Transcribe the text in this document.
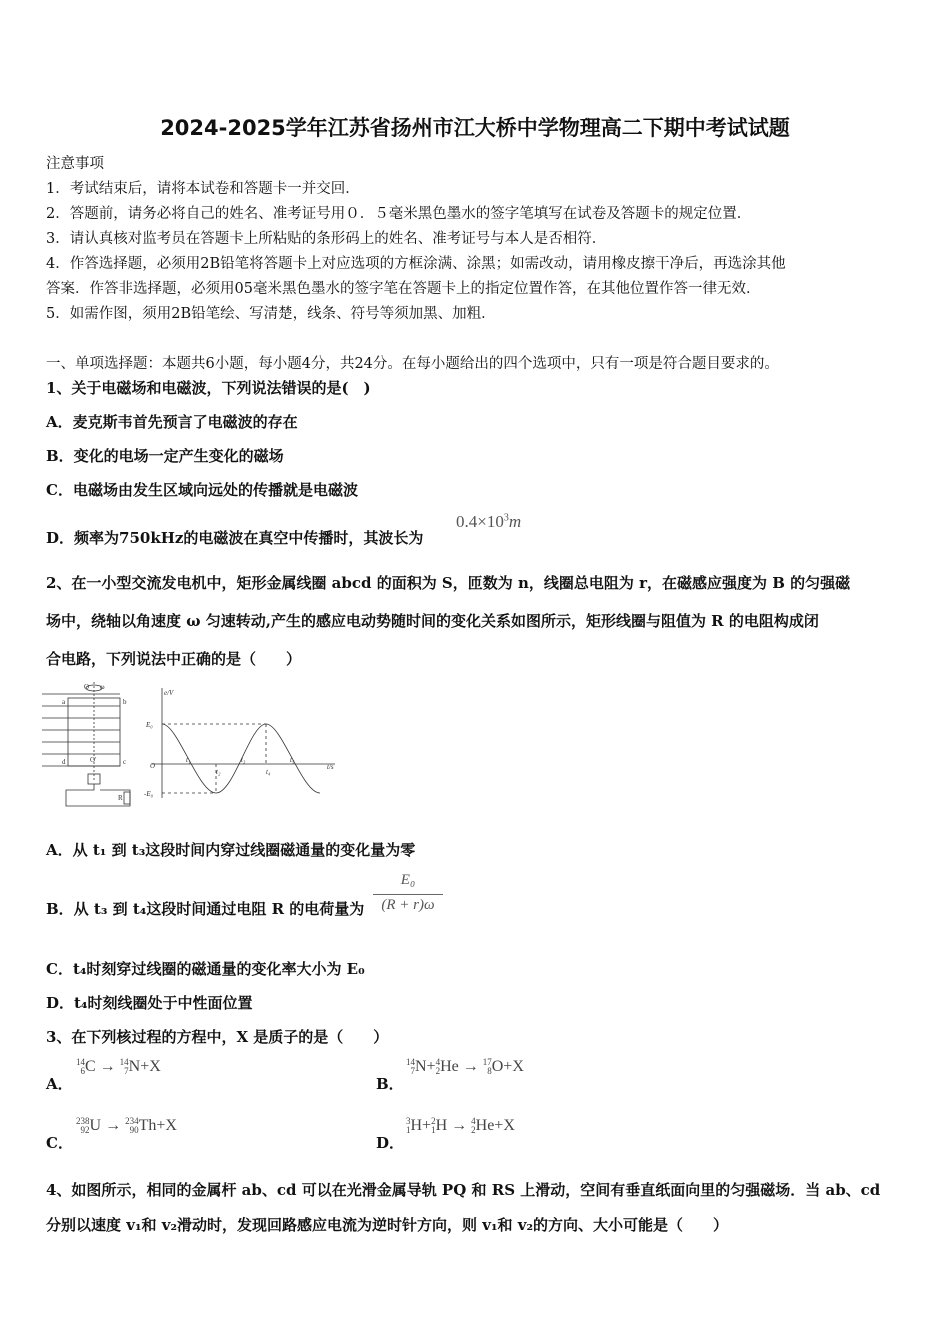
2024-2025学年江苏省扬州市江大桥中学物理高二下期中考试试题
注意事项
1．考试结束后，请将本试卷和答题卡一并交回．
2．答题前，请务必将自己的姓名、准考证号用０．５毫米黑色墨水的签字笔填写在试卷及答题卡的规定位置．
3．请认真核对监考员在答题卡上所粘贴的条形码上的姓名、准考证号与本人是否相符．
4．作答选择题，必须用2B铅笔将答题卡上对应选项的方框涂满、涂黑；如需改动，请用橡皮擦干净后，再选涂其他
答案．作答非选择题，必须用05毫米黑色墨水的签字笔在答题卡上的指定位置作答，在其他位置作答一律无效．
5．如需作图，须用2B铅笔绘、写清楚，线条、符号等须加黑、加粗．
一、单项选择题：本题共6小题，每小题4分，共24分。在每小题给出的四个选项中，只有一项是符合题目要求的。
1、关于电磁场和电磁波，下列说法错误的是(　)
A．麦克斯韦首先预言了电磁波的存在
B．变化的电场一定产生变化的磁场
C．电磁场由发生区域向远处的传播就是电磁波
D．频率为750kHz的电磁波在真空中传播时，其波长为
$0.4\times 10^3m$
2、在一小型交流发电机中，矩形金属线圈 abcd 的面积为 S，匝数为 n，线圈总电阻为 r，在磁感应强度为 B 的匀强磁
场中，绕轴以角速度 ω 匀速转动,产生的感应电动势随时间的变化关系如图所示，矩形线圈与阻值为 R 的电阻构成闭
合电路，下列说法中正确的是（　　）
a	b
c
d
O ω
O′
R
e/V
E₀
-E₀
O	t/s
t₁
t₂
t₃
t₄
t₅
A．从 t₁ 到 t₃这段时间内穿过线圈磁通量的变化量为零
B．从 t₃ 到 t₄这段时间通过电阻 R 的电荷量为
E₀
(R + r)ω
C．t₄时刻穿过线圈的磁通量的变化率大小为 E₀
D．t₄时刻线圈处于中性面位置
3、在下列核过程的方程中，X 是质子的是（　　）
A．
14
6C → 14
7N+X
B．
14
7N+4
2He → 17
8O+X
C．
238
92U → 234
90Th+X
D．
3
1H+2
1H → 4
2He+X
4、如图所示，相同的金属杆 ab、cd 可以在光滑金属导轨 PQ 和 RS 上滑动，空间有垂直纸面向里的匀强磁场．当 ab、cd
分别以速度 v₁和 v₂滑动时，发现回路感应电流为逆时针方向，则 v₁和 v₂的方向、大小可能是（　　）
